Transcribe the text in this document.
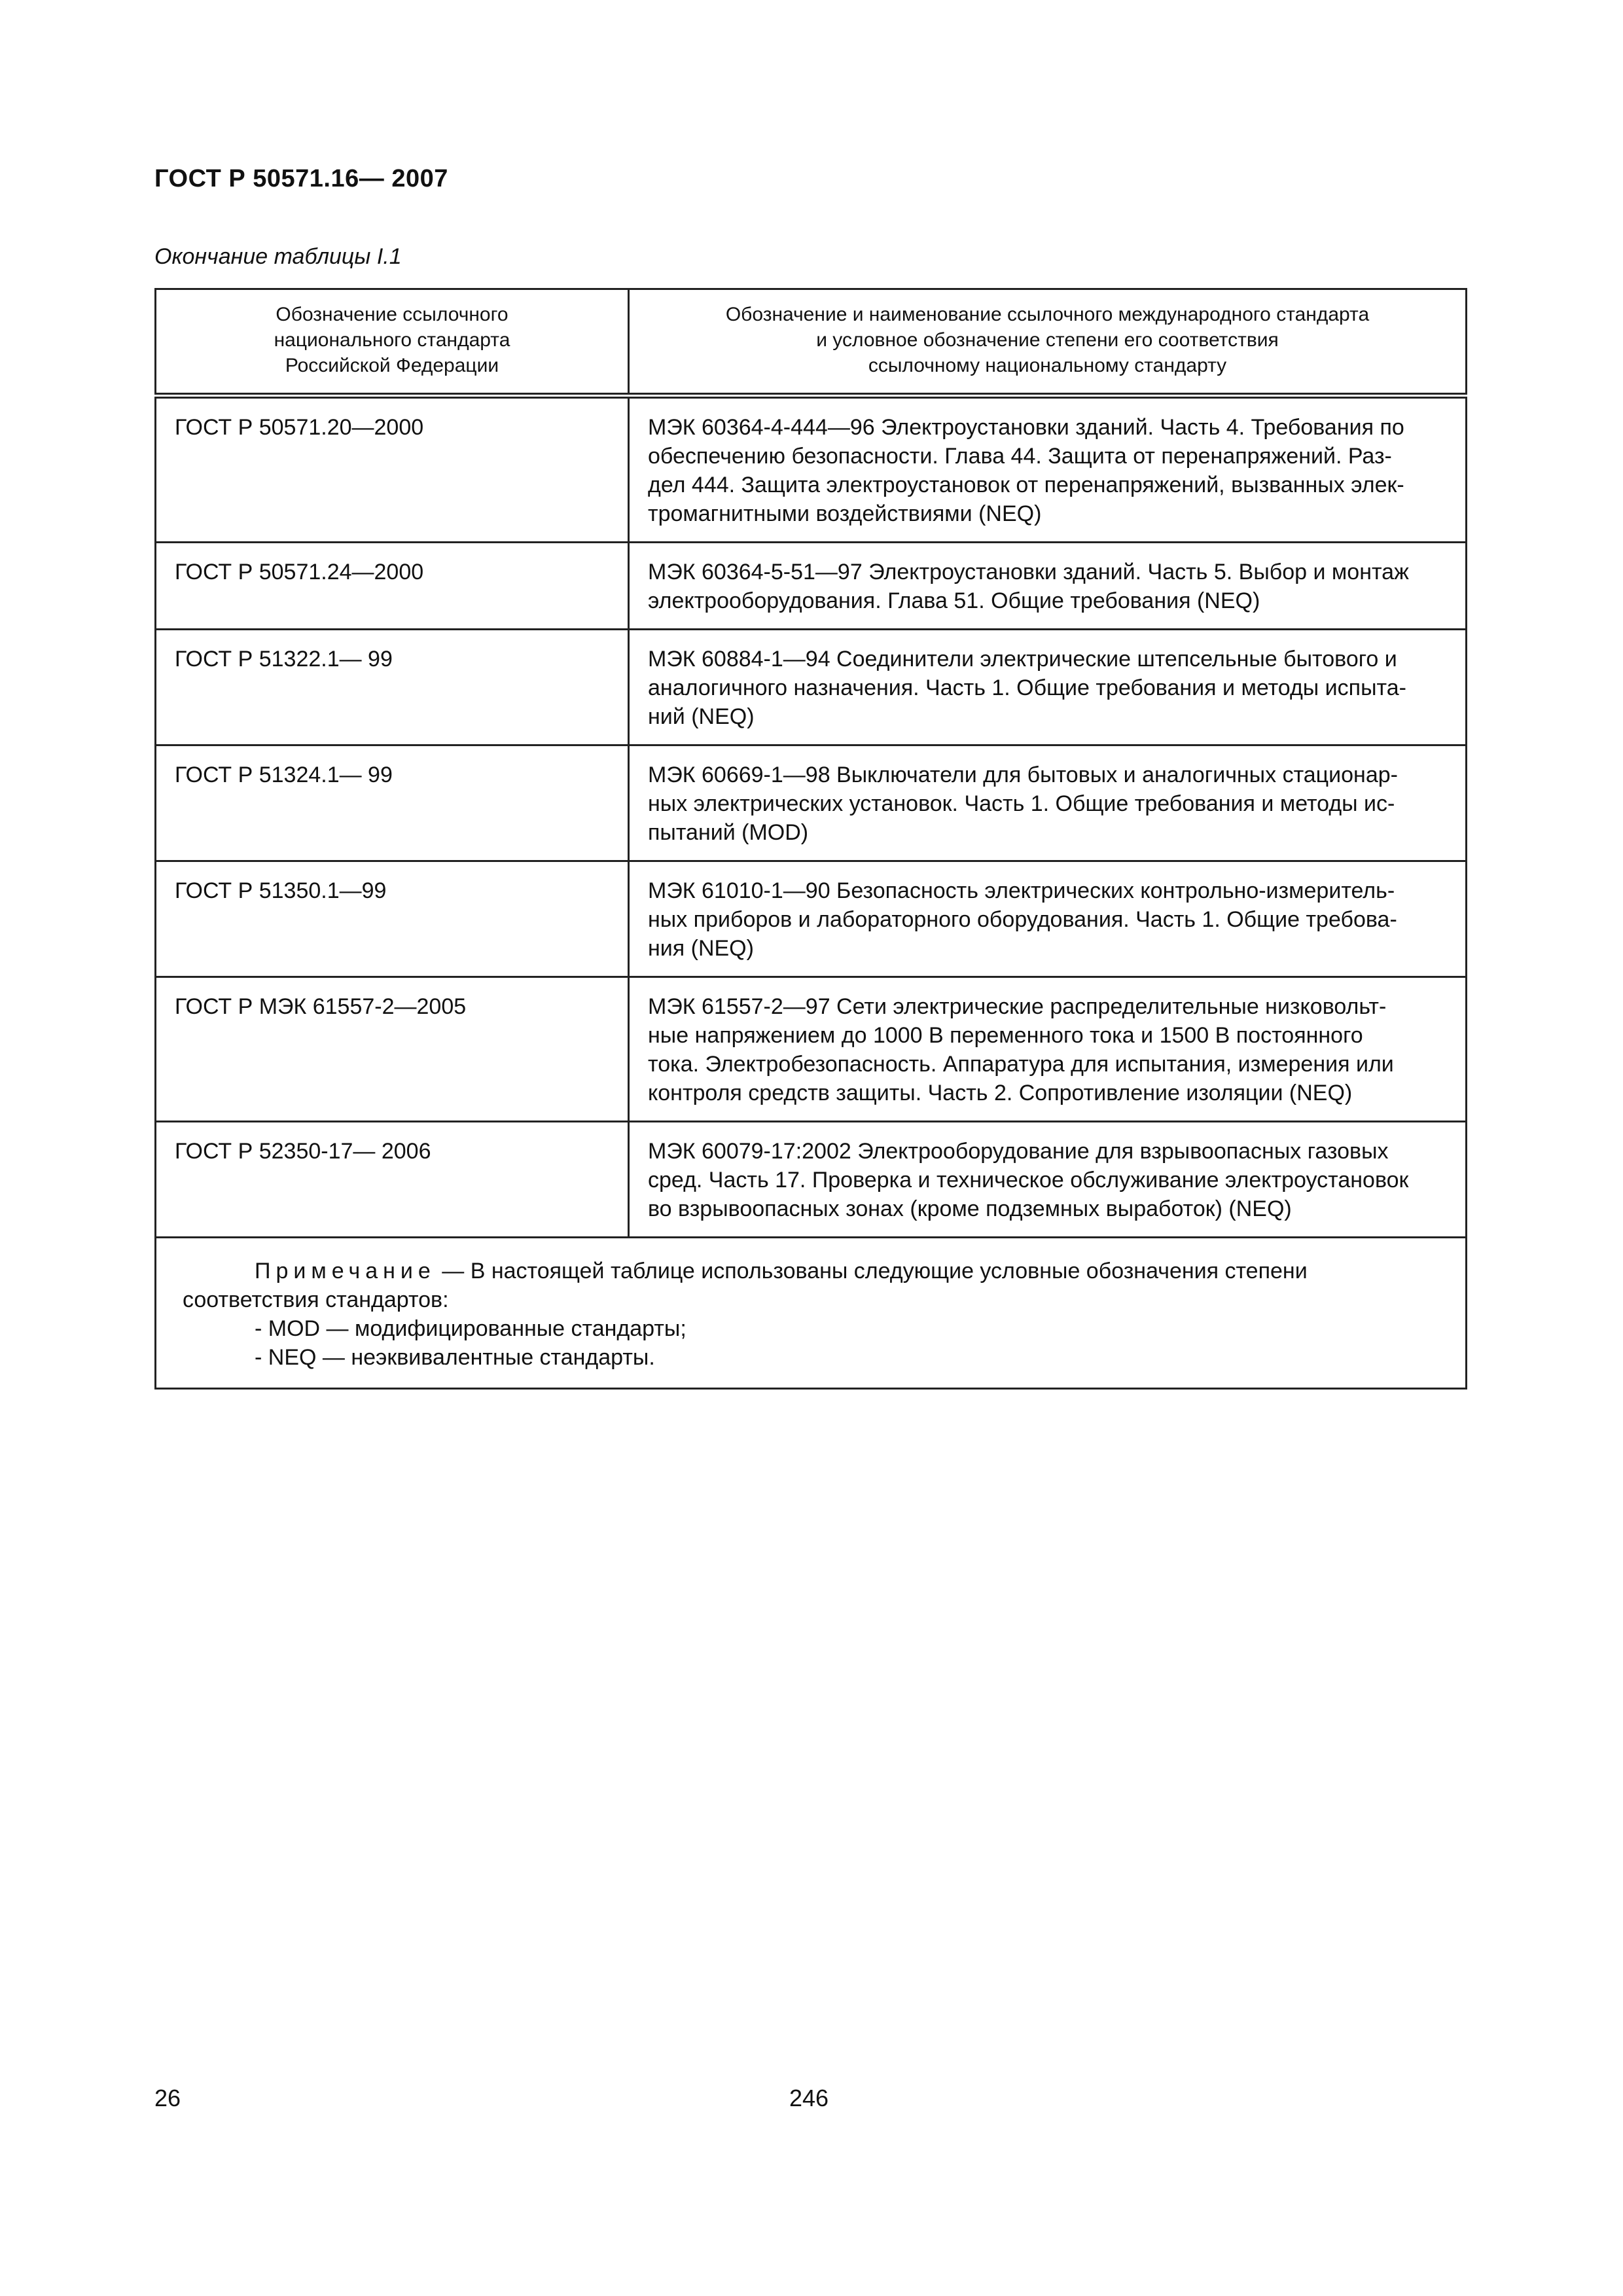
ГОСТ Р 50571.16— 2007
Окончание таблицы I.1
Обозначение ссылочного
национального стандарта
Российской Федерации	Обозначение и наименование ссылочного международного стандарта
и условное обозначение степени его соответствия
ссылочному национальному стандарту

ГОСТ Р 50571.20—2000	МЭК 60364-4-444—96 Электроустановки зданий. Часть 4. Требования по
обеспечению безопасности. Глава 44. Защита от перенапряжений. Раз-
дел 444. Защита электроустановок от перенапряжений, вызванных элек-
тромагнитными воздействиями (NEQ)

ГОСТ Р 50571.24—2000	МЭК 60364-5-51—97 Электроустановки зданий. Часть 5. Выбор и монтаж
электрооборудования. Глава 51. Общие требования (NEQ)

ГОСТ Р 51322.1— 99	МЭК 60884-1—94 Соединители электрические штепсельные бытового и
аналогичного назначения. Часть 1. Общие требования и методы испыта-
ний (NEQ)

ГОСТ Р 51324.1— 99	МЭК 60669-1—98 Выключатели для бытовых и аналогичных стационар-
ных электрических установок. Часть 1. Общие требования и методы ис-
пытаний (MOD)

ГОСТ Р 51350.1—99	МЭК 61010-1—90 Безопасность электрических контрольно-измеритель-
ных приборов и лабораторного оборудования. Часть 1. Общие требова-
ния (NEQ)

ГОСТ Р МЭК 61557-2—2005	МЭК 61557-2—97 Сети электрические распределительные низковольт-
ные напряжением до 1000 В переменного тока и 1500 В постоянного
тока. Электробезопасность. Аппаратура для испытания, измерения или
контроля средств защиты. Часть 2. Сопротивление изоляции (NEQ)

ГОСТ Р 52350-17— 2006	МЭК 60079-17:2002 Электрооборудование для взрывоопасных газовых
сред. Часть 17. Проверка и техническое обслуживание электроустановок
во взрывоопасных зонах (кроме подземных выработок) (NEQ)

Примечание — В настоящей таблице использованы следующие условные обозначения степени
соответствия стандартов:
- MOD — модифицированные стандарты;
- NEQ — неэквивалентные стандарты.	
26	246
